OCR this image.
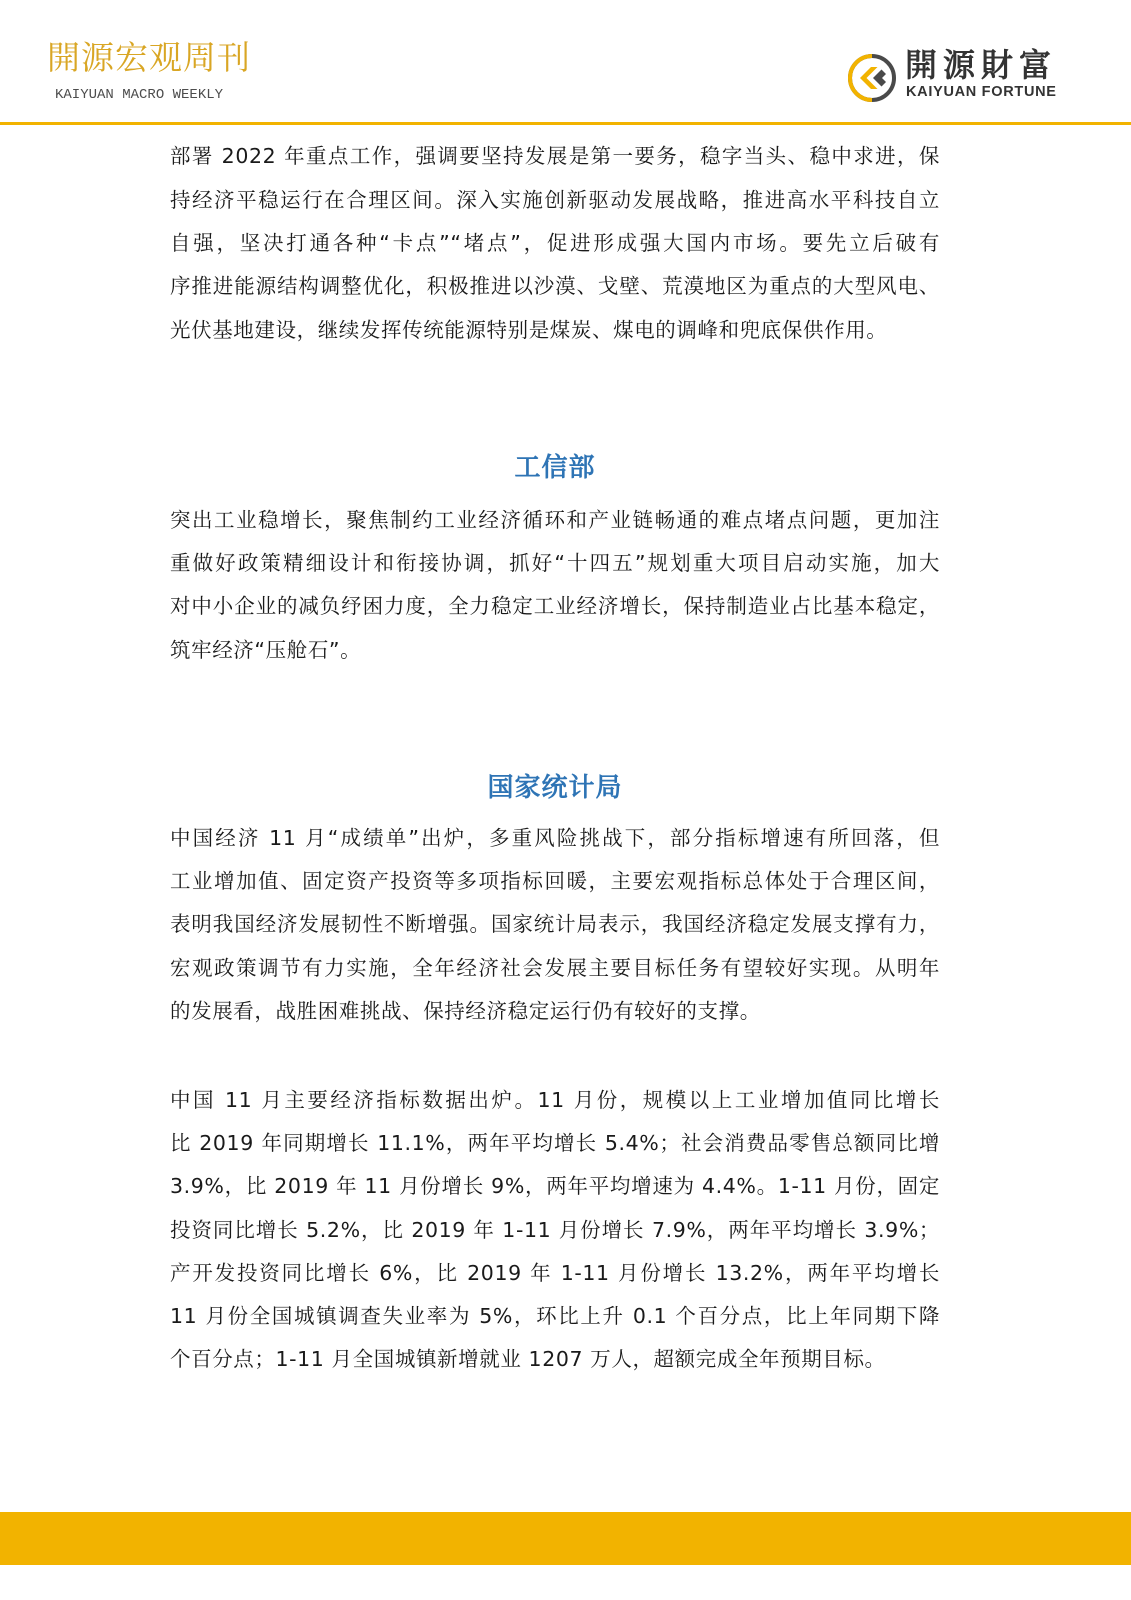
開源宏观周刊
KAIYUAN MACRO WEEKLY
開源財富
KAIYUAN FORTUNE
部署 2022 年重点工作，强调要坚持发展是第一要务，稳字当头、稳中求进，保
持经济平稳运行在合理区间。深入实施创新驱动发展战略，推进高水平科技自立
自强，坚决打通各种“卡点”“堵点”，促进形成强大国内市场。要先立后破有
序推进能源结构调整优化，积极推进以沙漠、戈壁、荒漠地区为重点的大型风电、
光伏基地建设，继续发挥传统能源特别是煤炭、煤电的调峰和兜底保供作用。
工信部
突出工业稳增长，聚焦制约工业经济循环和产业链畅通的难点堵点问题，更加注
重做好政策精细设计和衔接协调，抓好“十四五”规划重大项目启动实施，加大
对中小企业的减负纾困力度，全力稳定工业经济增长，保持制造业占比基本稳定，
筑牢经济“压舱石”。
国家统计局
中国经济 11 月“成绩单”出炉，多重风险挑战下，部分指标增速有所回落，但
工业增加值、固定资产投资等多项指标回暖，主要宏观指标总体处于合理区间，
表明我国经济发展韧性不断增强。国家统计局表示，我国经济稳定发展支撑有力，
宏观政策调节有力实施，全年经济社会发展主要目标任务有望较好实现。从明年
的发展看，战胜困难挑战、保持经济稳定运行仍有较好的支撑。
中国 11 月主要经济指标数据出炉。11 月份，规模以上工业增加值同比增长
比 2019 年同期增长 11.1%，两年平均增长 5.4%；社会消费品零售总额同比增
3.9%，比 2019 年 11 月份增长 9%，两年平均增速为 4.4%。1-11 月份，固定
投资同比增长 5.2%，比 2019 年 1-11 月份增长 7.9%，两年平均增长 3.9%；
产开发投资同比增长 6%，比 2019 年 1-11 月份增长 13.2%，两年平均增长
11 月份全国城镇调查失业率为 5%，环比上升 0.1 个百分点，比上年同期下降
个百分点；1-11 月全国城镇新增就业 1207 万人，超额完成全年预期目标。
